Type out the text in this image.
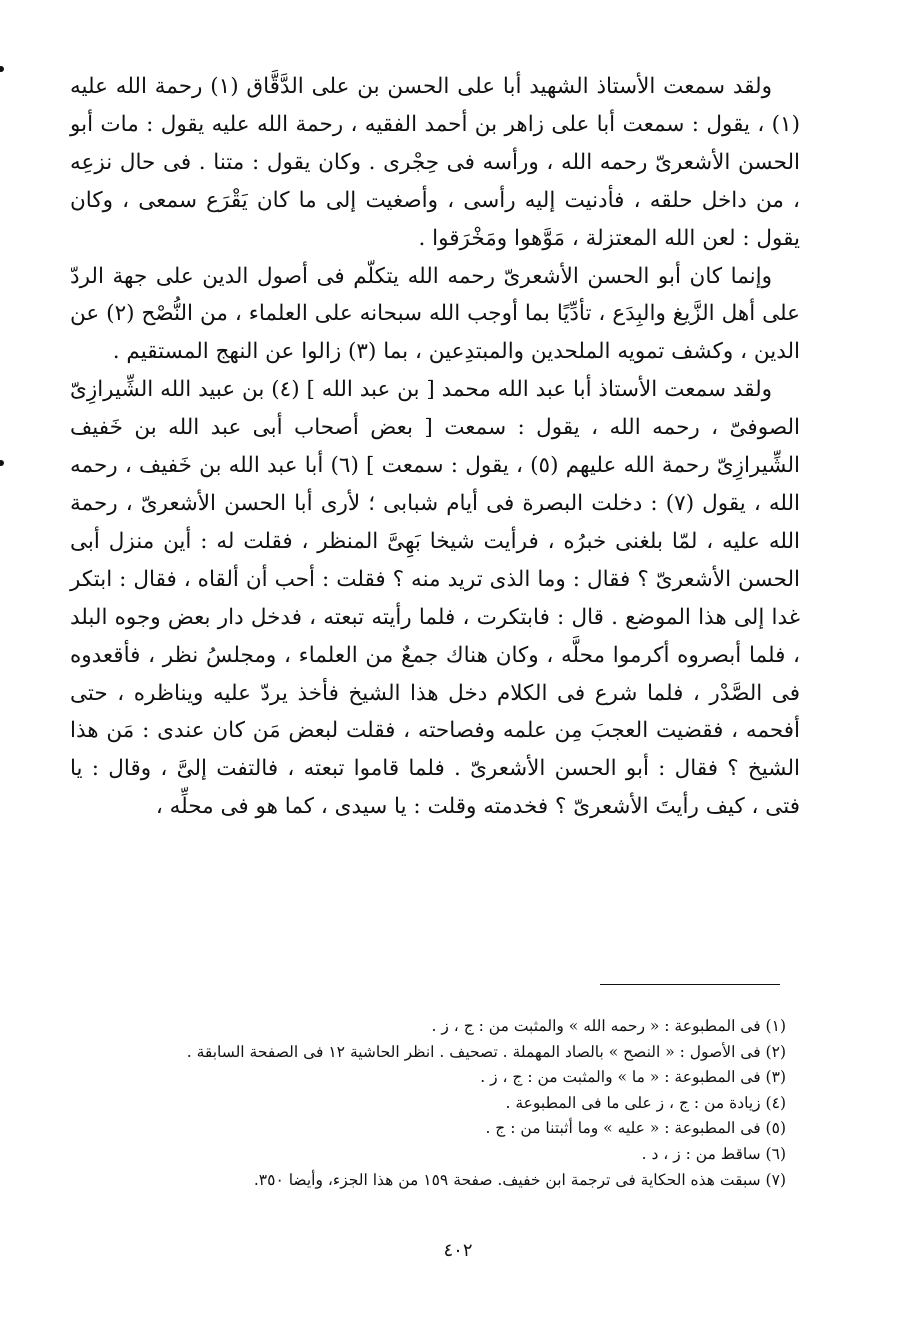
ولقد سمعت الأستاذ الشهيد أبا على الحسن بن على الدَّقَّاق (١) رحمة الله عليه (١) ، يقول : سمعت أبا على زاهر بن أحمد الفقيه ، رحمة الله عليه يقول : مات أبو الحسن الأشعرىّ رحمه الله ، ورأسه فى حِجْرى . وكان يقول : متنا . فى حال نزعِه ، من داخل حلقه ، فأدنيت إليه رأسى ، وأصغيت إلى ما كان يَقْرَع سمعى ، وكان يقول : لعن الله المعتزلة ، مَوَّهوا ومَخْرَقوا .

وإنما كان أبو الحسن الأشعرىّ رحمه الله يتكلّم فى أصول الدين على جهة الردّ على أهل الزَّيغ والبِدَع ، تأدِّيًا بما أوجب الله سبحانه على العلماء ، من النُّصْح (٢) عن الدين ، وكشف تمويه الملحدين والمبتدِعين ، بما (٣) زالوا عن النهج المستقيم .

ولقد سمعت الأستاذ أبا عبد الله محمد [ بن عبد الله ] (٤) بن عبيد الله الشِّيرازِىّ الصوفىّ ، رحمه الله ، يقول : سمعت [ بعض أصحاب أبى عبد الله بن خَفيف الشِّيرازِىّ رحمة الله عليهم (٥) ، يقول : سمعت ] (٦) أبا عبد الله بن خَفيف ، رحمه الله ، يقول (٧) : دخلت البصرة فى أيام شبابى ؛ لأرى أبا الحسن الأشعرىّ ، رحمة الله عليه ، لمّا بلغنى خبرُه ، فرأيت شيخا بَهِىَّ المنظر ، فقلت له : أين منزل أبى الحسن الأشعرىّ ؟ فقال : وما الذى تريد منه ؟ فقلت : أحب أن ألقاه ، فقال : ابتكر غدا إلى هذا الموضع . قال : فابتكرت ، فلما رأيته تبعته ، فدخل دار بعض وجوه البلد ، فلما أبصروه أكرموا محلَّه ، وكان هناك جمعٌ من العلماء ، ومجلسُ نظر ، فأقعدوه فى الصَّدْر ، فلما شرع فى الكلام دخل هذا الشيخ فأخذ يردّ عليه ويناظره ، حتى أفحمه ، فقضيت العجبَ مِن علمه وفصاحته ، فقلت لبعض مَن كان عندى : مَن هذا الشيخ ؟ فقال : أبو الحسن الأشعرىّ . فلما قاموا تبعته ، فالتفت إلىَّ ، وقال : يا فتى ، كيف رأيتَ الأشعرىّ ؟ فخدمته وقلت : يا سيدى ، كما هو فى محلِّه ،

(١) فى المطبوعة : « رحمه الله » والمثبت من : ج ، ز .
(٢) فى الأصول : « النصح » بالصاد المهملة . تصحيف . انظر الحاشية ١٢ فى الصفحة السابقة .
(٣) فى المطبوعة : « ما » والمثبت من : ج ، ز .
(٤) زيادة من : ج ، ز على ما فى المطبوعة .
(٥) فى المطبوعة : « عليه » وما أثبتنا من : ج .
(٦) ساقط من : ز ، د .
(٧) سبقت هذه الحكاية فى ترجمة ابن خفيف. صفحة ١٥٩ من هذا الجزء، وأيضا ٣٥٠.
٤٠٢
